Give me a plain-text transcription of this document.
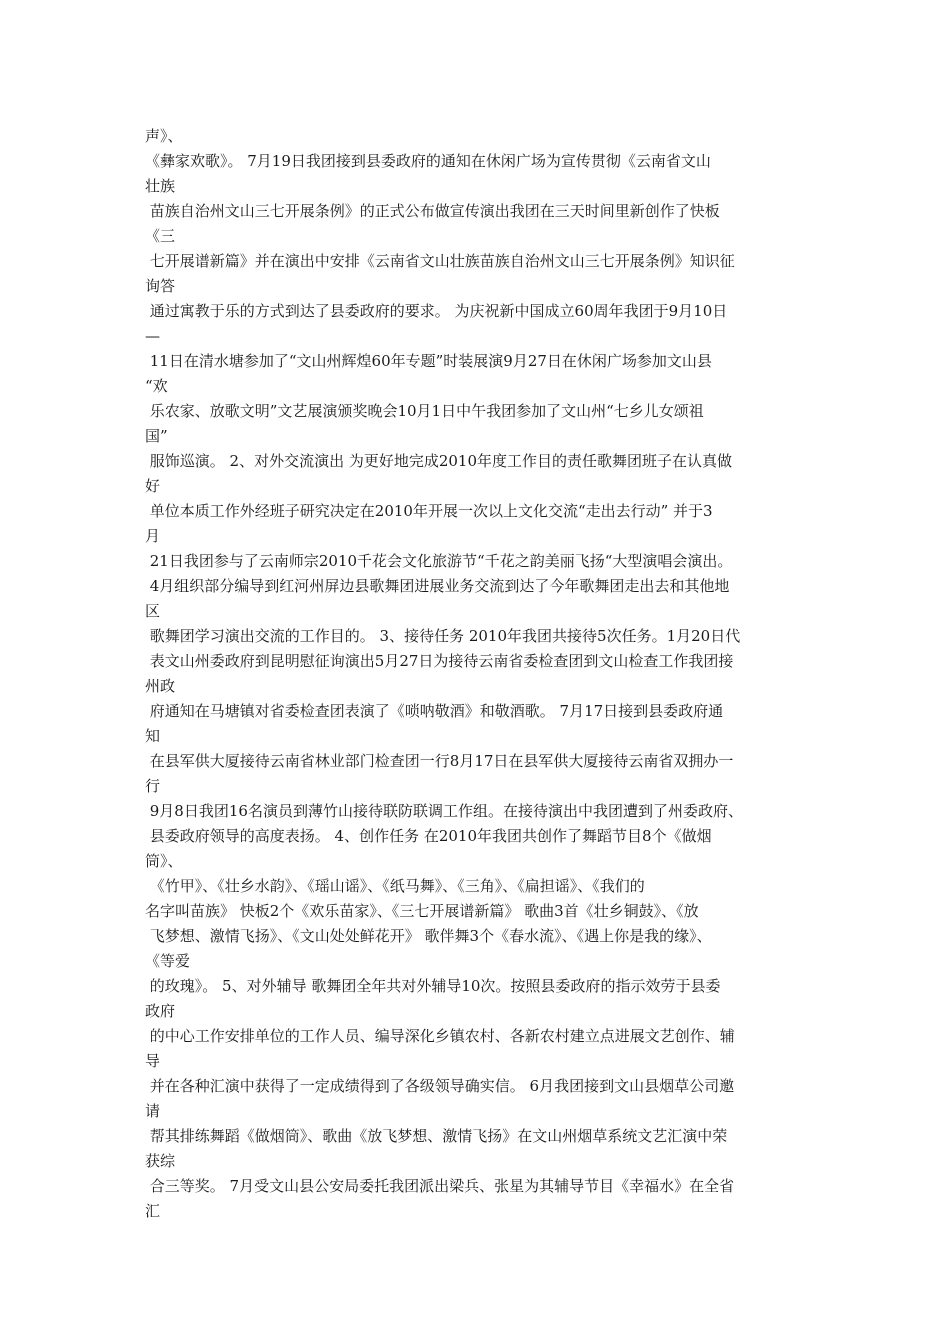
声》、
《彝家欢歌》。 7月19日我团接到县委政府的通知在休闲广场为宣传贯彻《云南省文山
壮族
苗族自治州文山三七开展条例》的正式公布做宣传演出我团在三天时间里新创作了快板
《三
七开展谱新篇》并在演出中安排《云南省文山壮族苗族自治州文山三七开展条例》知识征
询答
通过寓教于乐的方式到达了县委政府的要求。 为庆祝新中国成立60周年我团于9月10日
—
11日在清水塘参加了“文山州辉煌60年专题”时装展演9月27日在休闲广场参加文山县
“欢
乐农家、放歌文明”文艺展演颁奖晚会10月1日中午我团参加了文山州“七乡儿女颂祖
国”
服饰巡演。 2、对外交流演出 为更好地完成2010年度工作目的责任歌舞团班子在认真做
好
单位本质工作外经班子研究决定在2010年开展一次以上文化交流“走出去行动” 并于3
月
21日我团参与了云南师宗2010千花会文化旅游节“千花之韵美丽飞扬“大型演唱会演出。
4月组织部分编导到红河州屏边县歌舞团进展业务交流到达了今年歌舞团走出去和其他地
区
歌舞团学习演出交流的工作目的。 3、接待任务 2010年我团共接待5次任务。1月20日代
表文山州委政府到昆明慰征询演出5月27日为接待云南省委检查团到文山检查工作我团接
州政
府通知在马塘镇对省委检查团表演了《唢呐敬酒》和敬酒歌。 7月17日接到县委政府通
知
在县军供大厦接待云南省林业部门检查团一行8月17日在县军供大厦接待云南省双拥办一
行
9月8日我团16名演员到薄竹山接待联防联调工作组。在接待演出中我团遭到了州委政府、
县委政府领导的高度表扬。 4、创作任务 在2010年我团共创作了舞蹈节目8个《做烟
筒》、
《竹甲》、《壮乡水韵》、《瑶山谣》、《纸马舞》、《三角》、《扁担谣》、《我们的
名字叫苗族》 快板2个《欢乐苗家》、《三七开展谱新篇》 歌曲3首《壮乡铜鼓》、《放
飞梦想、激情飞扬》、《文山处处鲜花开》 歌伴舞3个《春水流》、《遇上你是我的缘》、
《等爱
的玫瑰》。 5、对外辅导 歌舞团全年共对外辅导10次。按照县委政府的指示效劳于县委
政府
的中心工作安排单位的工作人员、编导深化乡镇农村、各新农村建立点进展文艺创作、辅
导
并在各种汇演中获得了一定成绩得到了各级领导确实信。 6月我团接到文山县烟草公司邀
请
帮其排练舞蹈《做烟筒》、歌曲《放飞梦想、激情飞扬》在文山州烟草系统文艺汇演中荣
获综
合三等奖。 7月受文山县公安局委托我团派出梁兵、张星为其辅导节目《幸福水》在全省
汇
